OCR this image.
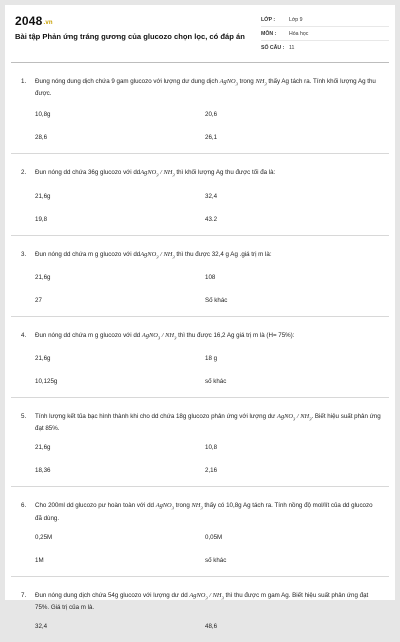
2048.vn
Bài tập Phản ứng tráng gương của glucozo chọn lọc, có đáp án
LỚP :	Lớp 9
MÔN :	Hóa học
SỐ CÂU : 11
1.	Đung nóng dung dịch chứa 9 gam glucozo với lượng dư dung dịch AgNO$_3$ trong $NH_3$ thấy Ag tách ra. Tính khối lượng Ag thu được.
10,8g	20,6
28,6	26,1
2.	Đun nóng dd chứa 36g glucozo với ddAgNO$_3$ / $NH_3$ thì khối lượng Ag thu được tối đa là:
21,6g	32,4
19,8	43.2
3.	Đun nóng dd chứa m g glucozo với ddAgNO$_3$ / $NH_3$ thì thu được 32,4 g Ag .giá trị m là:
21,6g	108
27	Số khác
4.	Đun nóng dd chứa m g glucozo với dd AgNO$_3$ / $NH_3$ thì thu được 16,2 Ag giá trị m là (H= 75%):
21,6g	18 g
10,125g	số khác
5.	Tính lượng kết tủa bạc hình thành khi cho dd chứa 18g glucozo phản ứng với lượng dư AgNO$_3$ / $NH_3$. Biết hiệu suất phản ứng đạt 85%.
21,6g	10,8
18,36	2,16
6.	Cho 200ml dd glucozo pư hoàn toàn với dd AgNO$_3$ trong $NH_3$ thấy có 10,8g Ag tách ra. Tính nồng độ mol/lít của dd glucozo đã dùng.
0,25M	0,05M
1M	số khác
7.	Đun nóng dung dịch chứa 54g glucozo với lượng dư dd AgNO$_3$ / $NH_3$ thì thu được m gam Ag. Biết hiệu suất phản ứng đạt 75%. Giá trị của m là.
32,4	48,6
